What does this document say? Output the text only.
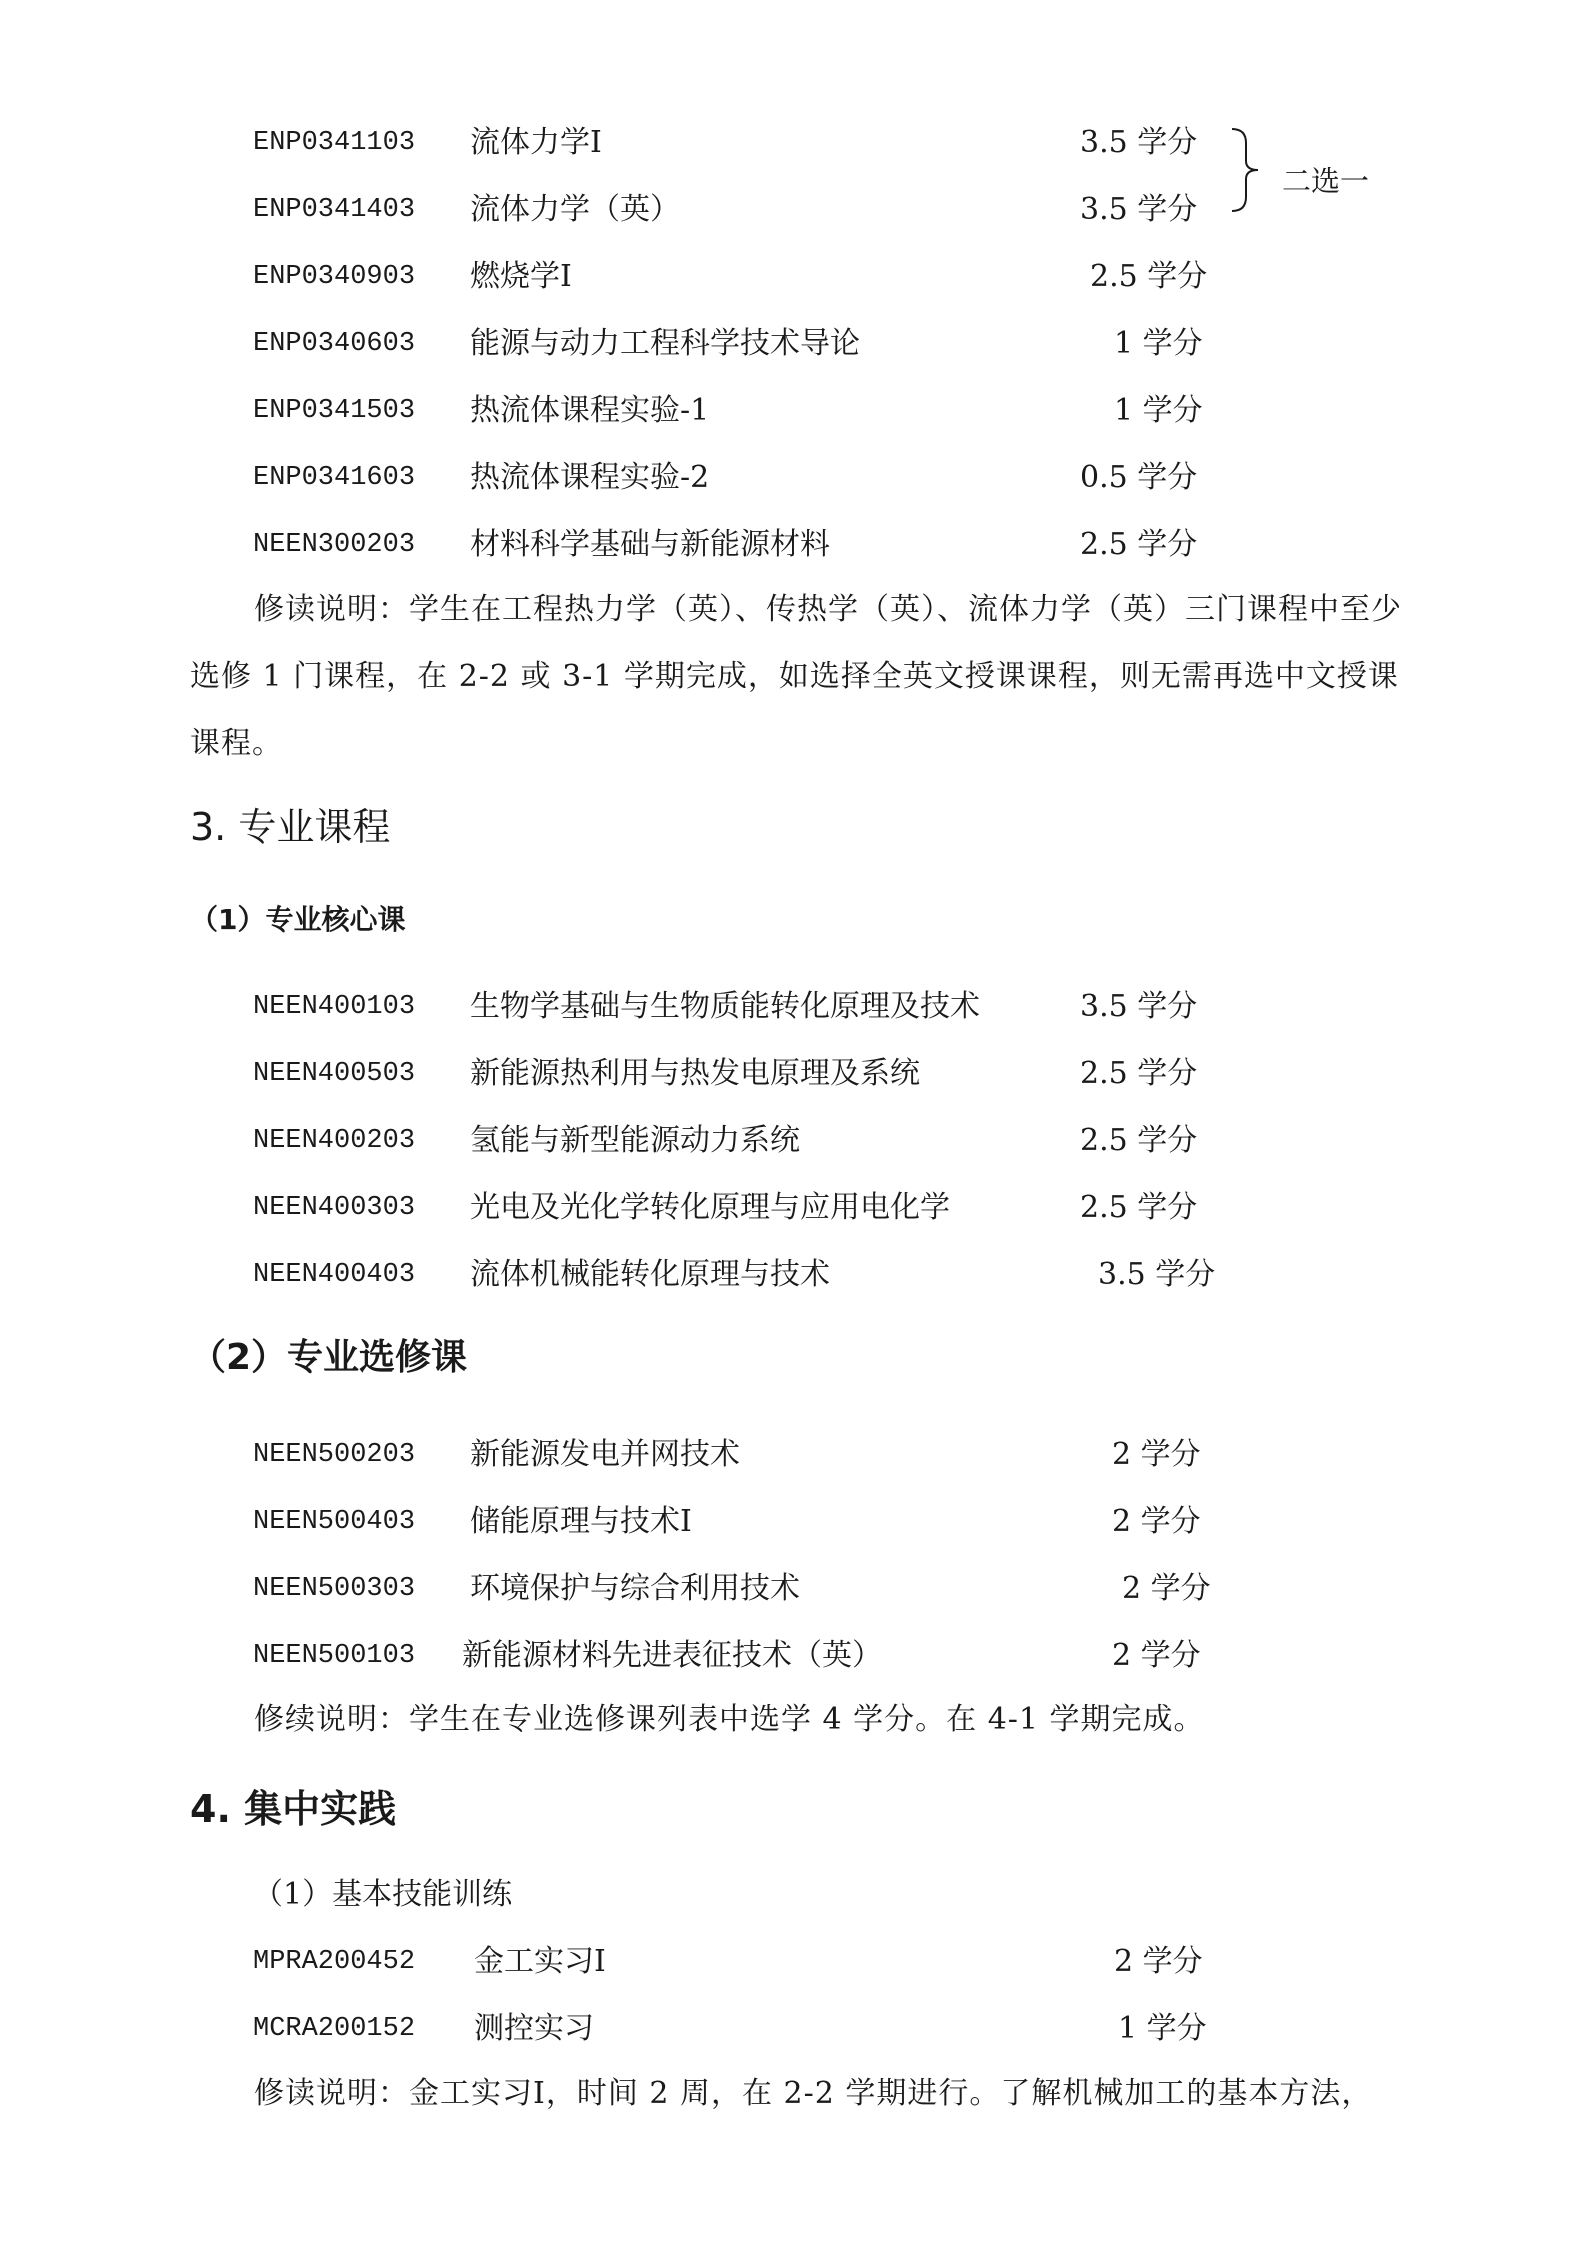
ENP0341103 流体力学Ⅰ	3.5 学分
ENP0341403 流体力学（英）	3.5 学分
二选一
ENP0340903 燃烧学Ⅰ	2.5 学分
ENP0340603 能源与动力工程科学技术导论	1 学分
ENP0341503 热流体课程实验-1	1 学分
ENP0341603 热流体课程实验-2	0.5 学分
NEEN300203 材料科学基础与新能源材料	2.5 学分

修读说明：学生在工程热力学（英）、传热学（英）、流体力学（英）三门课程中至少选修 1 门课程，在 2-2 或 3-1 学期完成，如选择全英文授课课程，则无需再选中文授课课程。

3. 专业课程
（1）专业核心课
NEEN400103 生物学基础与生物质能转化原理及技术	3.5 学分
NEEN400503 新能源热利用与热发电原理及系统	2.5 学分
NEEN400203 氢能与新型能源动力系统	2.5 学分
NEEN400303 光电及光化学转化原理与应用电化学	2.5 学分
NEEN400403 流体机械能转化原理与技术	3.5 学分
（2）专业选修课
NEEN500203 新能源发电并网技术	2 学分
NEEN500403 储能原理与技术Ⅰ	2 学分
NEEN500303 环境保护与综合利用技术	2 学分
NEEN500103 新能源材料先进表征技术（英）	2 学分

修续说明：学生在专业选修课列表中选学 4 学分。在 4-1 学期完成。

4. 集中实践
（1）基本技能训练
MPRA200452 金工实习Ⅰ	2 学分
MCRA200152 测控实习	1 学分

修读说明：金工实习Ⅰ，时间 2 周，在 2-2 学期进行。了解机械加工的基本方法，
